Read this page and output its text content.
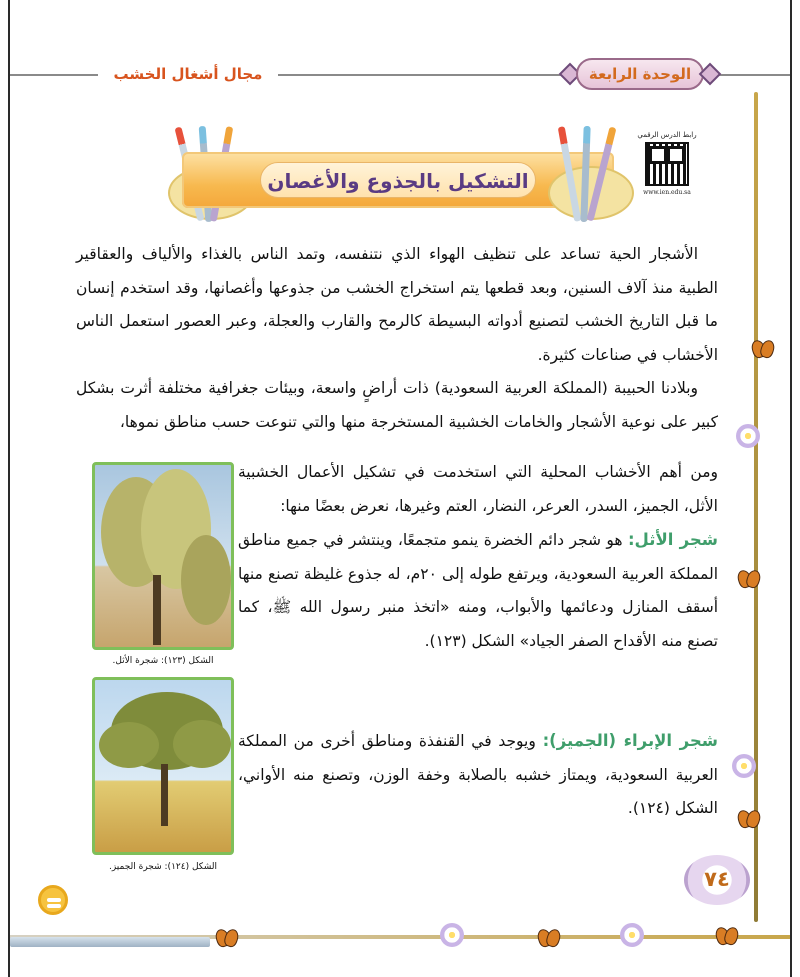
مجال أشغال الخشب	الوحدة الرابعة
رابط الدرس الرقمي
www.ien.edu.sa
التشكيل بالجذوع والأغصان

الأشجار الحية تساعد على تنظيف الهواء الذي نتنفسه، وتمد الناس بالغذاء والألياف والعقاقير الطبية منذ آلاف السنين، وبعد قطعها يتم استخراج الخشب من جذوعها وأغصانها، وقد استخدم إنسان ما قبل التاريخ الخشب لتصنيع أدواته البسيطة كالرمح والقارب والعجلة، وعبر العصور استعمل الناس الأخشاب في صناعات كثيرة.

وبلادنا الحبيبة (المملكة العربية السعودية) ذات أراضٍ واسعة، وبيئات جغرافية مختلفة أثرت بشكل كبير على نوعية الأشجار والخامات الخشبية المستخرجة منها والتي تنوعت حسب مناطق نموها،

ومن أهم الأخشاب المحلية التي استخدمت في تشكيل الأعمال الخشبية الأثل، الجميز، السدر، العرعر، النضار، العتم وغيرها، نعرض بعضًا منها:

شجر الأثل: هو شجر دائم الخضرة ينمو متجمعًا، وينتشر في جميع مناطق المملكة العربية السعودية، ويرتفع طوله إلى ٢٠م، له جذوع غليظة تصنع منها أسقف المنازل ودعائمها والأبواب، ومنه «اتخذ منبر رسول الله ﷺ، كما تصنع منه الأقداح الصفر الجياد» الشكل (١٢٣).

شجر الإبراء (الجميز): ويوجد في القنفذة ومناطق أخرى من المملكة العربية السعودية، ويمتاز خشبه بالصلابة وخفة الوزن، وتصنع منه الأواني، الشكل (١٢٤).

الشكل (١٢٣): شجرة الأثل.
الشكل (١٢٤): شجرة الجميز.	٧٤
